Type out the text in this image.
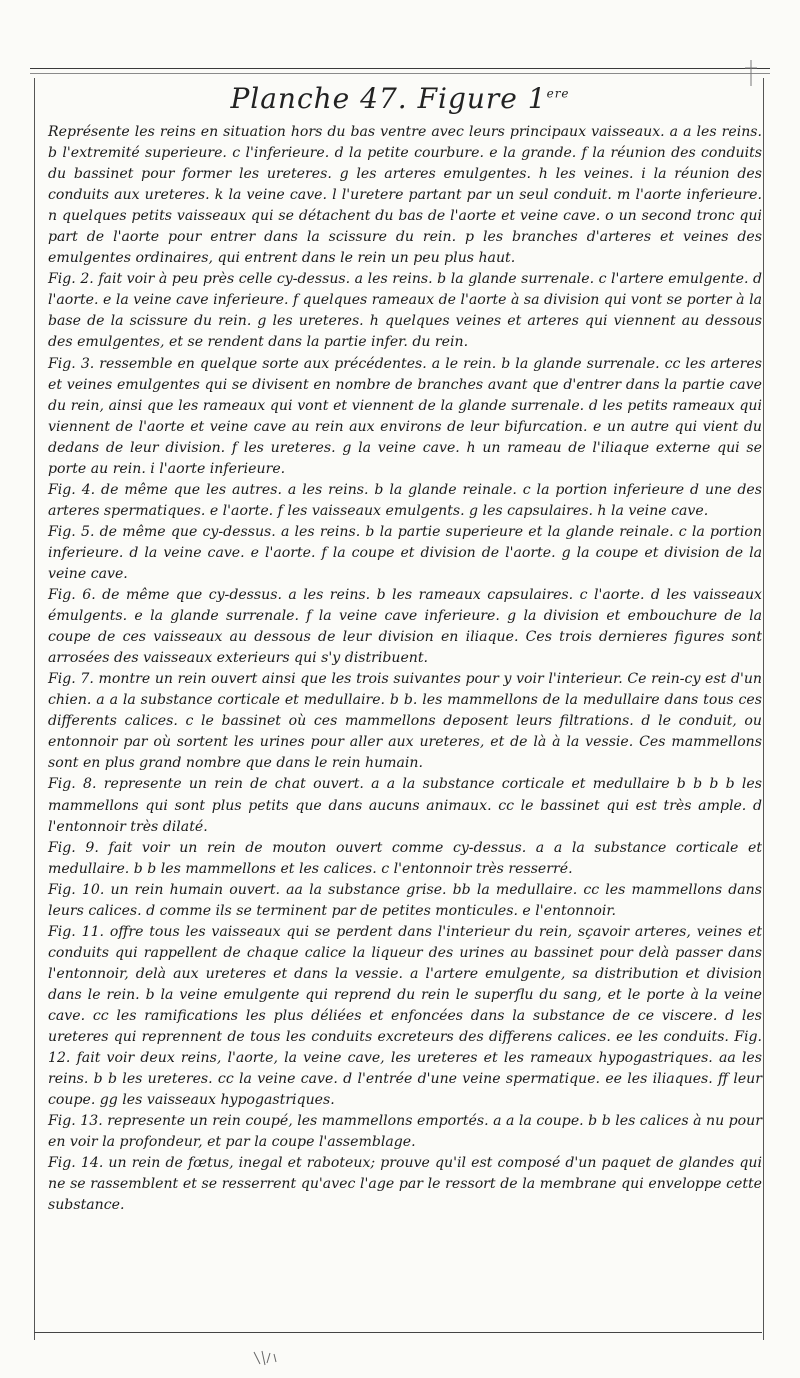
Planche 47. Figure 1ere

Représente les reins en situation hors du bas ventre avec leurs principaux vaisseaux. a a les reins. b l'extremité superieure. c l'inferieure. d la petite courbure. e la grande. f la réunion des conduits du bassinet pour former les ureteres. g les arteres emulgentes. h les veines. i la réunion des conduits aux ureteres. k la veine cave. l l'uretere partant par un seul conduit. m l'aorte inferieure. n quelques petits vaisseaux qui se détachent du bas de l'aorte et veine cave. o un second tronc qui part de l'aorte pour entrer dans la scissure du rein. p les branches d'arteres et veines des emulgentes ordinaires, qui entrent dans le rein un peu plus haut.

Fig. 2. fait voir à peu près celle cy-dessus. a les reins. b la glande surrenale. c l'artere emulgente. d l'aorte. e la veine cave inferieure. f quelques rameaux de l'aorte à sa division qui vont se porter à la base de la scissure du rein. g les ureteres. h quelques veines et arteres qui viennent au dessous des emulgentes, et se rendent dans la partie infer. du rein.

Fig. 3. ressemble en quelque sorte aux précédentes. a le rein. b la glande surrenale. cc les arteres et veines emulgentes qui se divisent en nombre de branches avant que d'entrer dans la partie cave du rein, ainsi que les rameaux qui vont et viennent de la glande surrenale. d les petits rameaux qui viennent de l'aorte et veine cave au rein aux environs de leur bifurcation. e un autre qui vient du dedans de leur division. f les ureteres. g la veine cave. h un rameau de l'iliaque externe qui se porte au rein. i l'aorte inferieure.

Fig. 4. de même que les autres. a les reins. b la glande reinale. c la portion inferieure d une des arteres spermatiques. e l'aorte. f les vaisseaux emulgents. g les capsulaires. h la veine cave.

Fig. 5. de même que cy-dessus. a les reins. b la partie superieure et la glande reinale. c la portion inferieure. d la veine cave. e l'aorte. f la coupe et division de l'aorte. g la coupe et division de la veine cave.

Fig. 6. de même que cy-dessus. a les reins. b les rameaux capsulaires. c l'aorte. d les vaisseaux émulgents. e la glande surrenale. f la veine cave inferieure. g la division et embouchure de la coupe de ces vaisseaux au dessous de leur division en iliaque. Ces trois dernieres figures sont arrosées des vaisseaux exterieurs qui s'y distribuent.

Fig. 7. montre un rein ouvert ainsi que les trois suivantes pour y voir l'interieur. Ce rein-cy est d'un chien. a a la substance corticale et medullaire. b b. les mammellons de la medullaire dans tous ces differents calices. c le bassinet où ces mammellons deposent leurs filtrations. d le conduit, ou entonnoir par où sortent les urines pour aller aux ureteres, et de là à la vessie. Ces mammellons sont en plus grand nombre que dans le rein humain.

Fig. 8. represente un rein de chat ouvert. a a la substance corticale et medullaire b b b b les mammellons qui sont plus petits que dans aucuns animaux. cc le bassinet qui est très ample. d l'entonnoir très dilaté.

Fig. 9. fait voir un rein de mouton ouvert comme cy-dessus. a a la substance corticale et medullaire. b b les mammellons et les calices. c l'entonnoir très resserré.

Fig. 10. un rein humain ouvert. aa la substance grise. bb la medullaire. cc les mammellons dans leurs calices. d comme ils se terminent par de petites monticules. e l'entonnoir.

Fig. 11. offre tous les vaisseaux qui se perdent dans l'interieur du rein, sçavoir arteres, veines et conduits qui rappellent de chaque calice la liqueur des urines au bassinet pour delà passer dans l'entonnoir, delà aux ureteres et dans la vessie. a l'artere emulgente, sa distribution et division dans le rein. b la veine emulgente qui reprend du rein le superflu du sang, et le porte à la veine cave. cc les ramifications les plus déliées et enfoncées dans la substance de ce viscere. d les ureteres qui reprennent de tous les conduits excreteurs des differens calices. ee les conduits. Fig. 12. fait voir deux reins, l'aorte, la veine cave, les ureteres et les rameaux hypogastriques. aa les reins. b b les ureteres. cc la veine cave. d l'entrée d'une veine spermatique. ee les iliaques. ff leur coupe. gg les vaisseaux hypogastriques.

Fig. 13. represente un rein coupé, les mammellons emportés. a a la coupe. b b les calices à nu pour en voir la profondeur, et par la coupe l'assemblage.

Fig. 14. un rein de fœtus, inegal et raboteux; prouve qu'il est composé d'un paquet de glandes qui ne se rassemblent et se resserrent qu'avec l'age par le ressort de la membrane qui enveloppe cette substance.
